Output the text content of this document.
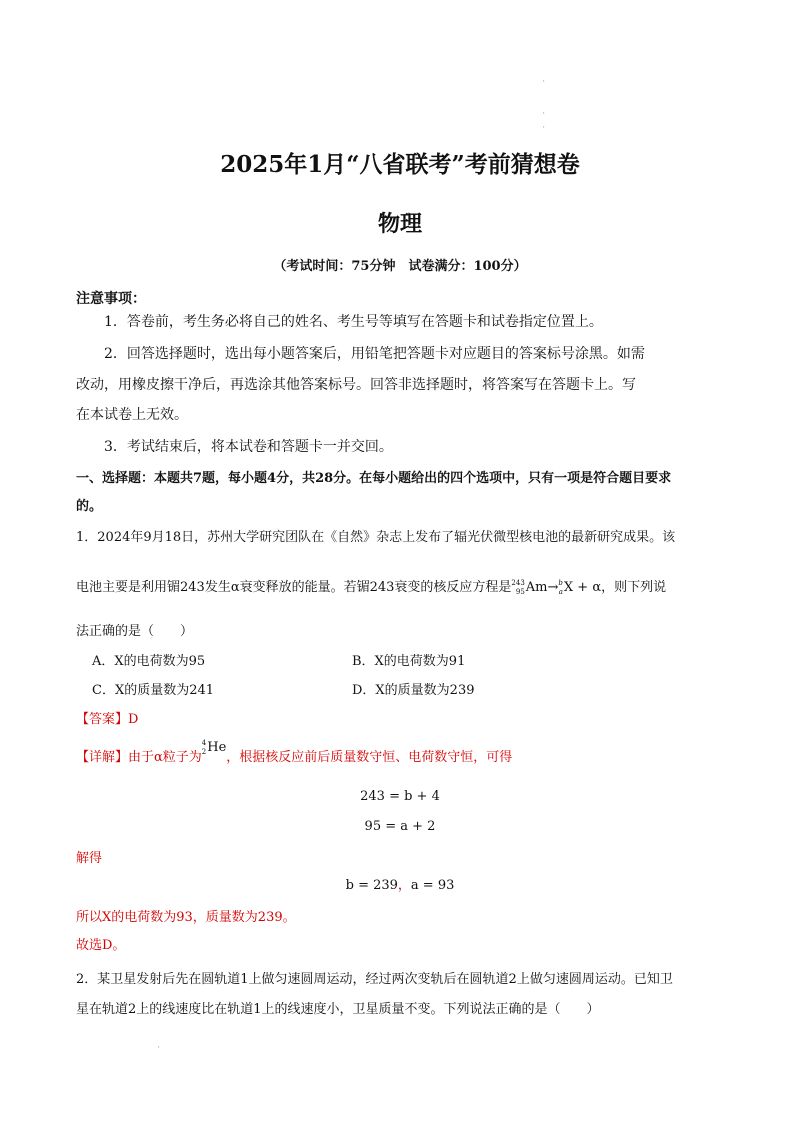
2025年1月“八省联考”考前猜想卷
物理
（考试时间：75分钟　试卷满分：100分）
'
'
'
注意事项：
1．答卷前，考生务必将自己的姓名、考生号等填写在答题卡和试卷指定位置上。
2．回答选择题时，选出每小题答案后，用铅笔把答题卡对应题目的答案标号涂黑。如需
改动，用橡皮擦干净后，再选涂其他答案标号。回答非选择题时，将答案写在答题卡上。写
在本试卷上无效。
3．考试结束后，将本试卷和答题卡一并交回。
一、选择题：本题共7题，每小题4分，共28分。在每小题给出的四个选项中，只有一项是符合题目要求
的。
1．2024年9月18日，苏州大学研究团队在《自然》杂志上发布了辐光伏微型核电池的最新研究成果。该
电池主要是利用镅243发生α衰变释放的能量。若镅243衰变的核反应方程是243
95Am→b
aX + α，则下列说
法正确的是（　　）
A．X的电荷数为95	B．X的电荷数为91
C．X的质量数为241	D．X的质量数为239
【答案】D
【详解】由于α粒子为4
2He，根据核反应前后质量数守恒、电荷数守恒，可得
243 = b + 4
95 = a + 2
解得
b = 239，a = 93
所以X的电荷数为93，质量数为239。
故选D。
2．某卫星发射后先在圆轨道1上做匀速圆周运动，经过两次变轨后在圆轨道2上做匀速圆周运动。已知卫
星在轨道2上的线速度比在轨道1上的线速度小，卫星质量不变。下列说法正确的是（　　）
'
